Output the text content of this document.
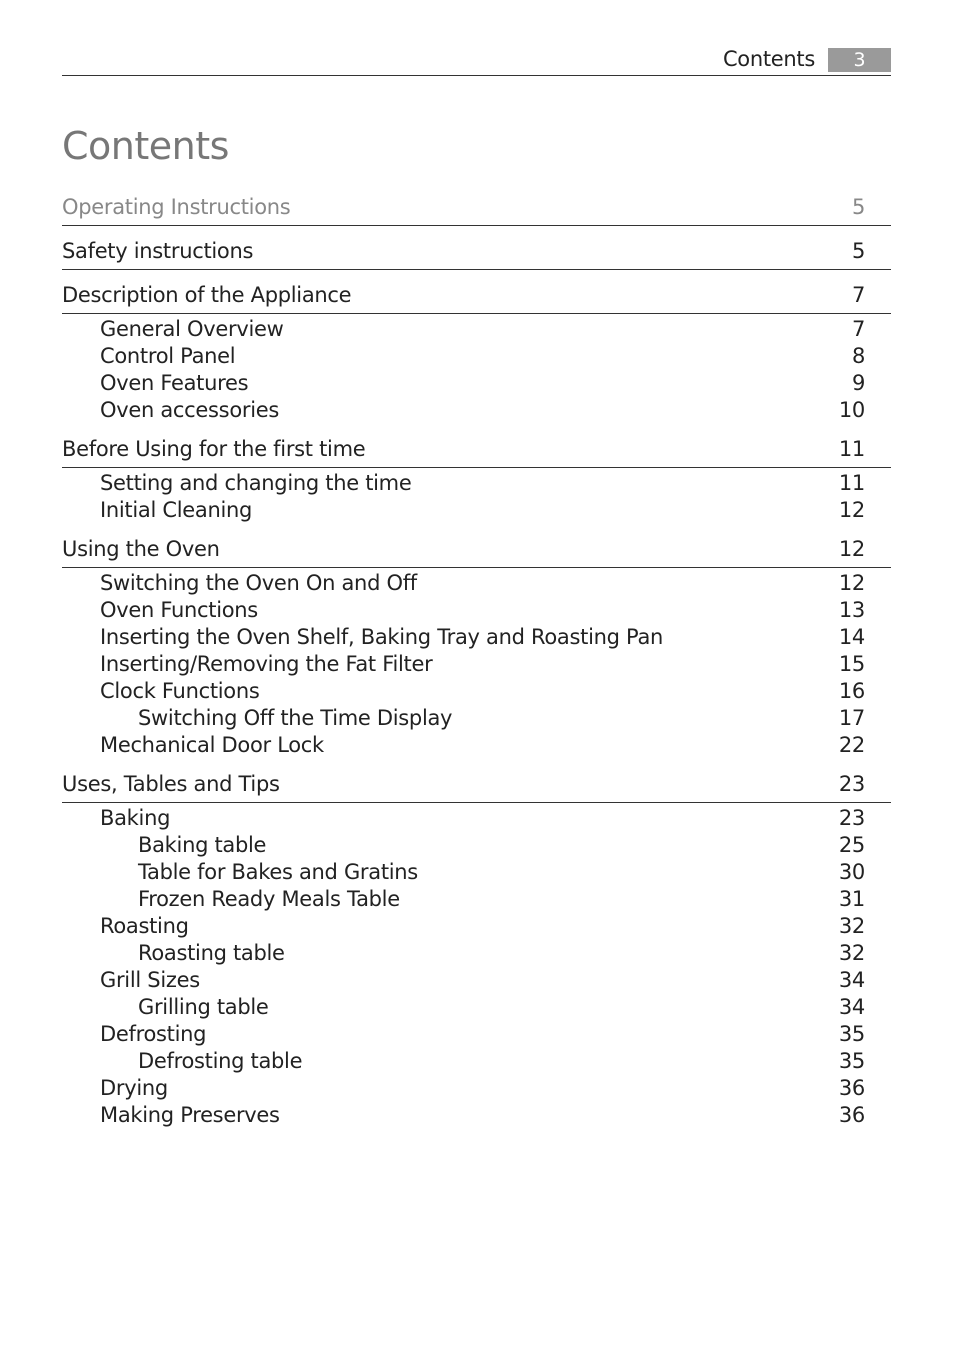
Contents	3
Contents
Operating Instructions	5
Safety instructions	5
Description of the Appliance	7
General Overview	7
Control Panel	8
Oven Features	9
Oven accessories	10
Before Using for the first time	11
Setting and changing the time	11
Initial Cleaning	12
Using the Oven	12
Switching the Oven On and Off	12
Oven Functions	13
Inserting the Oven Shelf, Baking Tray and Roasting Pan	14
Inserting/Removing the Fat Filter	15
Clock Functions	16
Switching Off the Time Display	17
Mechanical Door Lock	22
Uses, Tables and Tips	23
Baking	23
Baking table	25
Table for Bakes and Gratins	30
Frozen Ready Meals Table	31
Roasting	32
Roasting table	32
Grill Sizes	34
Grilling table	34
Defrosting	35
Defrosting table	35
Drying	36
Making Preserves	36
